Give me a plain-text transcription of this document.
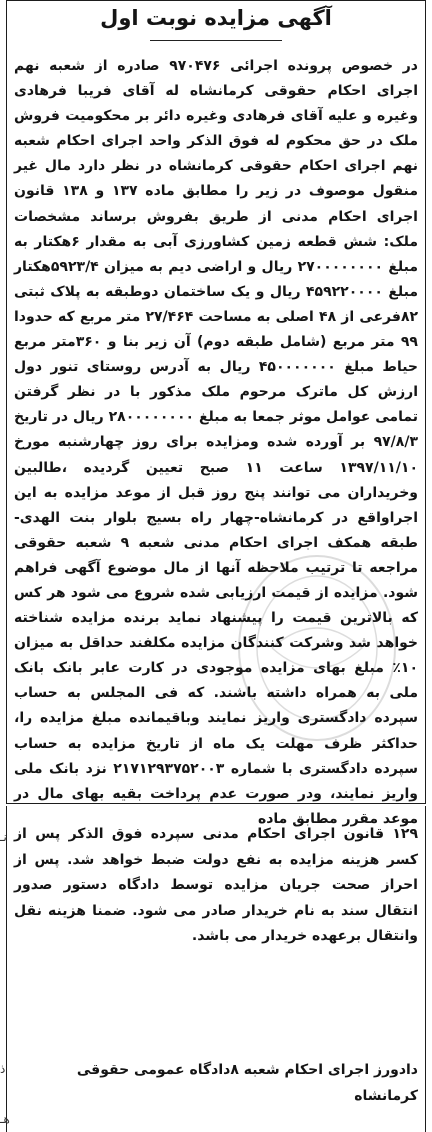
آگهی مزایده نوبت اول
در خصوص پرونده اجرائی ۹۷۰۴۷۶ صادره از شعبه نهم اجرای احکام حقوقی کرمانشاه له آقای فریبا فرهادی وغیره و علیه آقای فرهادی وغیره دائر بر محکومیت فروش ملک در حق محکوم له فوق الذکر واحد اجرای احکام شعبه نهم اجرای احکام حقوقی کرمانشاه در نظر دارد مال غیر منقول موصوف در زیر را مطابق ماده ۱۳۷ و ۱۳۸ قانون اجرای احکام مدنی از طریق بفروش برساند مشخصات ملک: شش قطعه زمین کشاورزی آبی به مقدار ۶هکتار به مبلغ ۲۷۰۰۰۰۰۰۰۰ ریال و اراضی دیم به میزان ۵۹۲۳/۴هکتار مبلغ ۴۵۹۲۲۰۰۰۰ ریال و یک ساختمان دوطبقه به پلاک ثبتی ۸۲فرعی از ۴۸ اصلی به مساحت ۲۷/۴۶۴ متر مربع که حدودا ۹۹ متر مربع (شامل طبقه دوم) آن زیر بنا و ۳۶۰متر مربع حیاط مبلغ ۴۵۰۰۰۰۰۰۰ ریال به آدرس روستای تنور دول ارزش کل ماترک مرحوم ملک مذکور با در نظر گرفتن تمامی عوامل موثر جمعا به مبلغ ۲۸۰۰۰۰۰۰۰۰ ریال در تاریخ ۹۷/۸/۳ بر آورده شده ومزایده برای روز چهارشنبه مورخ ۱۳۹۷/۱۱/۱۰ ساعت ۱۱ صبح تعیین گردیده ،طالبین وخریداران می توانند پنج روز قبل از موعد مزایده به این اجراواقع در کرمانشاه-چهار راه بسیج بلوار بنت الهدی-طبقه همکف اجرای احکام مدنی شعبه ۹ شعبه حقوقی مراجعه تا ترتیب ملاحظه آنها از مال موضوع آگهی فراهم شود. مزایده از قیمت ارزیابی شده شروع می شود هر کس که بالاترین قیمت را پیشنهاد نماید برنده مزایده شناخته خواهد شد وشرکت کنندگان مزایده مکلفند حداقل به میزان ۱۰٪ مبلغ بهای مزایده موجودی در کارت عابر بانک بانک ملی به همراه داشته باشند. که فی المجلس به حساب سپرده دادگستری واریز نمایند وباقیمانده مبلغ مزایده را، حداکثر ظرف مهلت یک ماه از تاریخ مزایده به حساب سپرده دادگستری با شماره ۲۱۷۱۲۹۳۷۵۲۰۰۳ نزد بانک ملی واریز نمایند، ودر صورت عدم پرداخت بقیه بهای مال در موعد مقرر مطابق ماده
۱۲۹ قانون اجرای احکام مدنی سپرده فوق الذکر پس از کسر هزینه مزایده به نفع دولت ضبط خواهد شد. پس از احراز صحت جریان مزایده توسط دادگاه دستور صدور انتقال سند به نام خریدار صادر می شود. ضمنا هزینه نقل وانتقال برعهده خریدار می باشد.
دادورز اجرای احکام شعبه ۸دادگاه عمومی حقوقی کرمانشاه
نـ
ذ
هـ
